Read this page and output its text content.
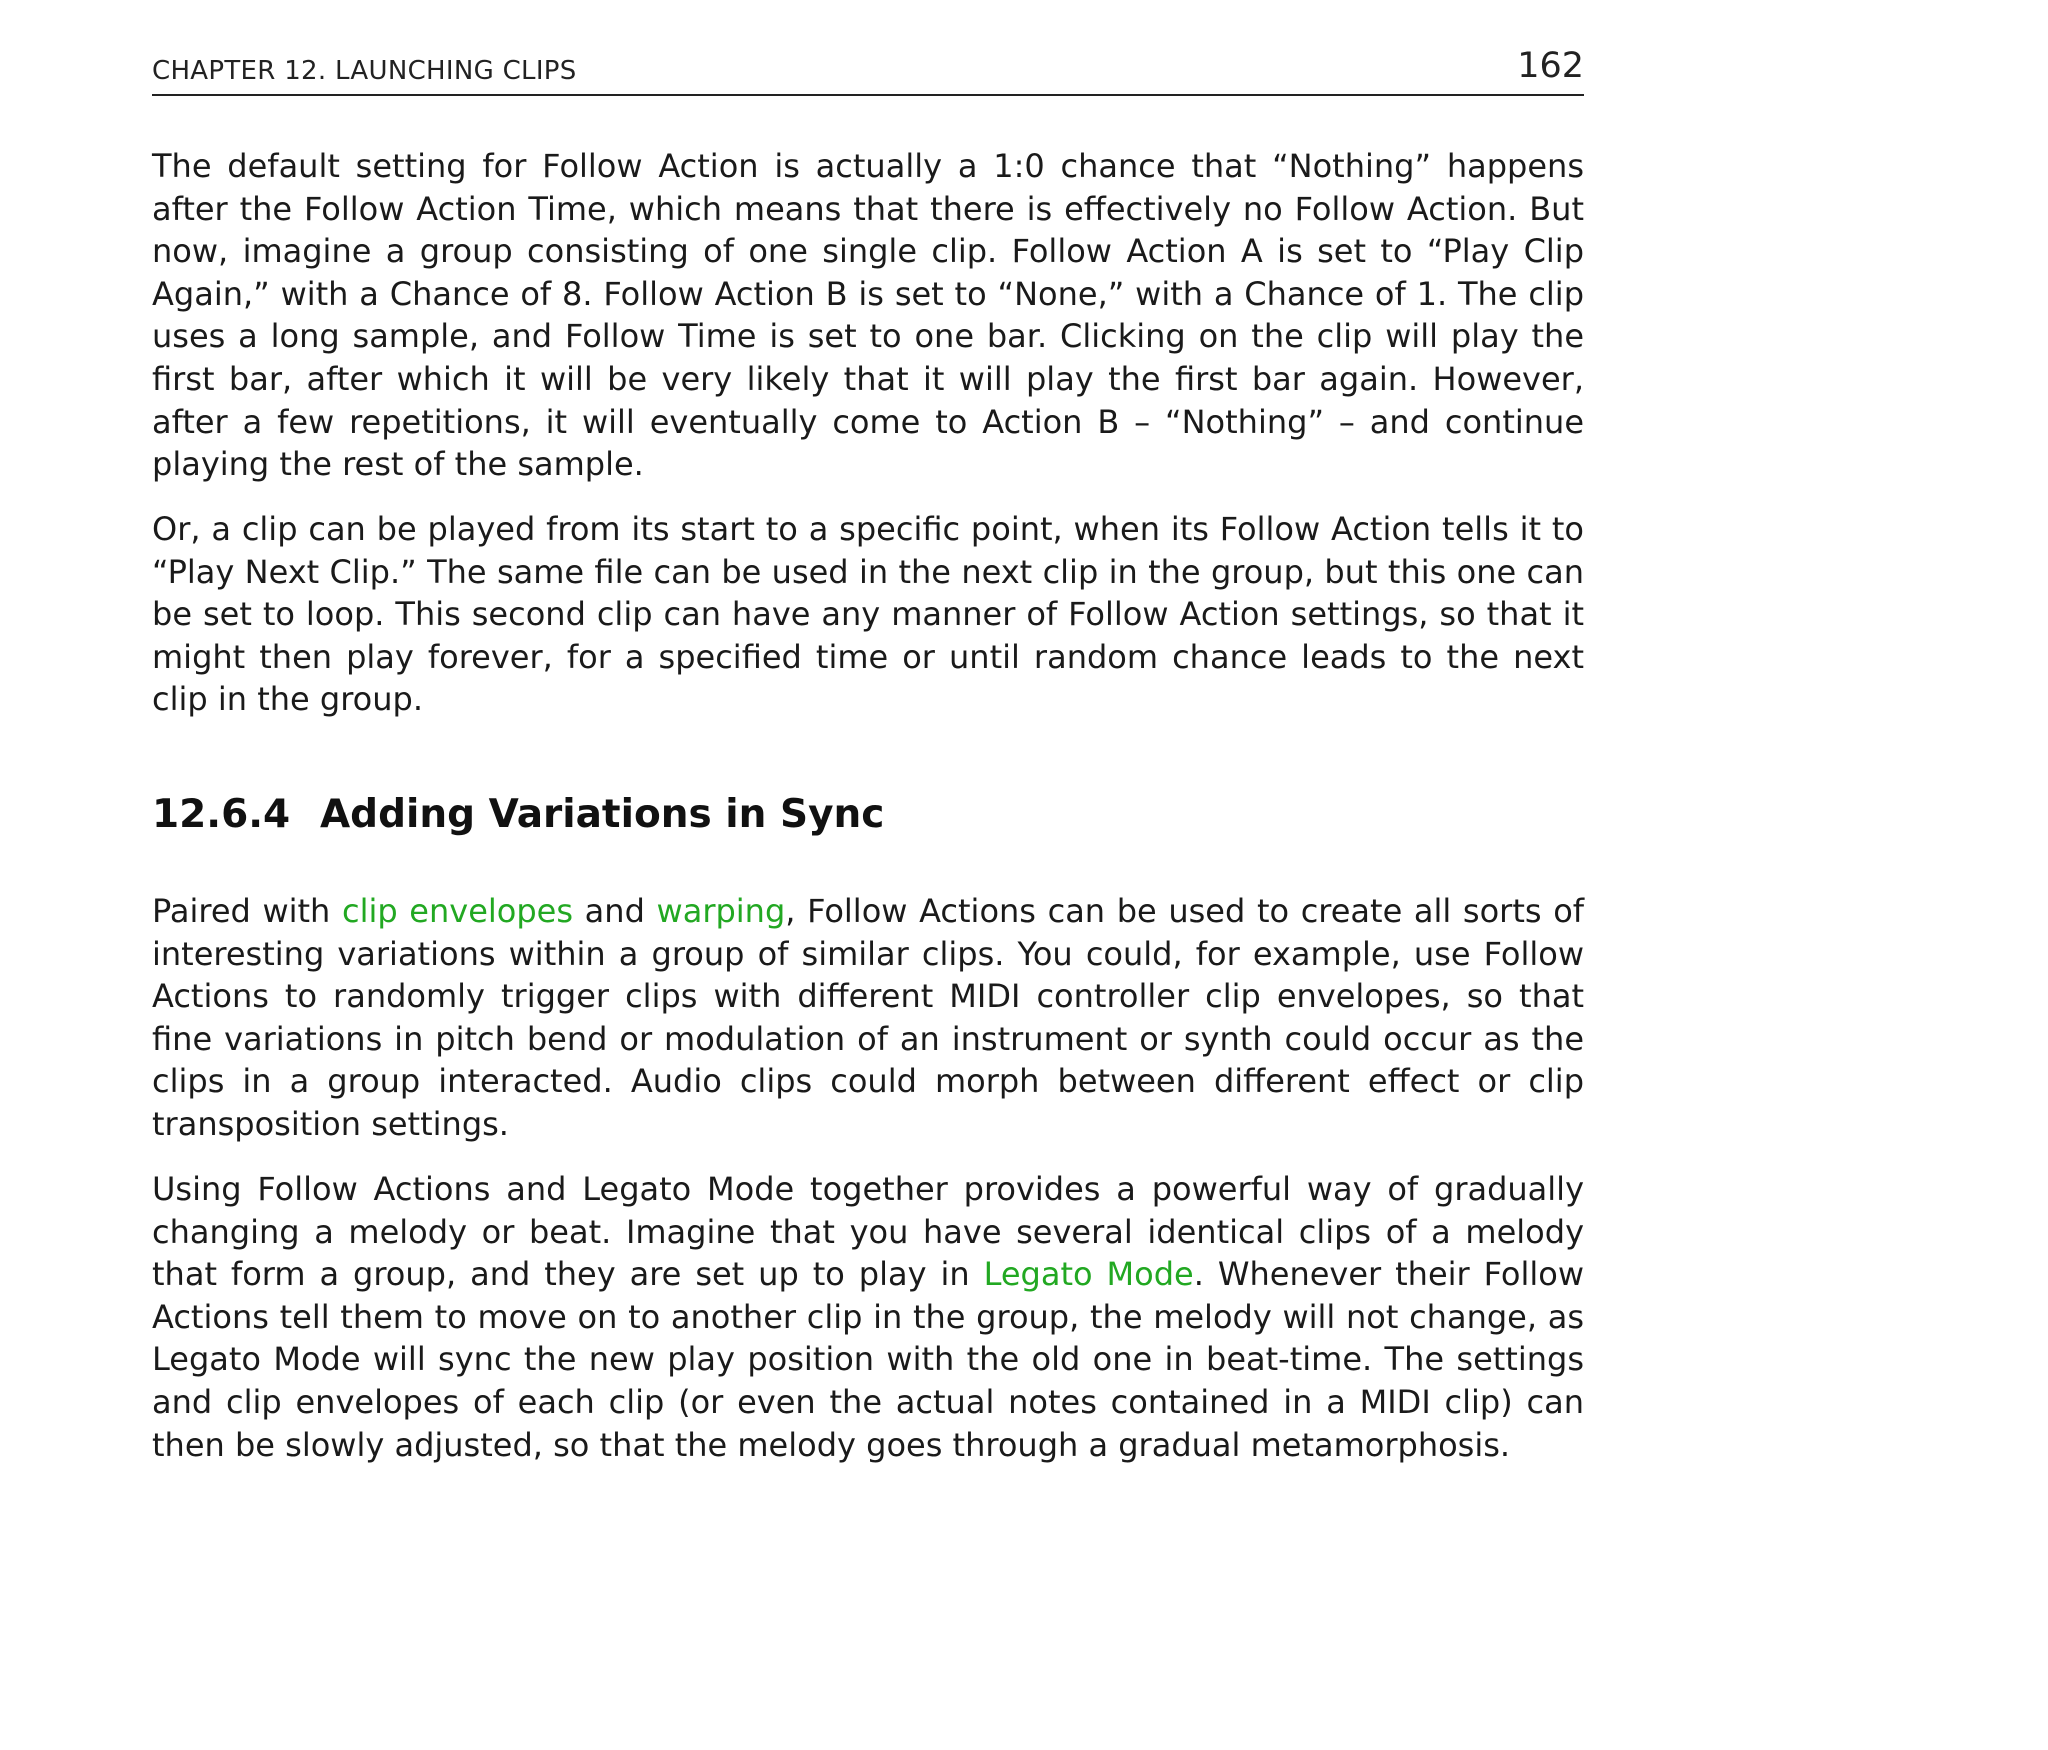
CHAPTER 12. LAUNCHING CLIPS	162

The default setting for Follow Action is actually a 1:0 chance that “Nothing” happens after the Follow Action Time, which means that there is effectively no Follow Action. But now, imagine a group consisting of one single clip. Follow Action A is set to “Play Clip Again,” with a Chance of 8. Follow Action B is set to “None,” with a Chance of 1. The clip uses a long sample, and Follow Time is set to one bar. Clicking on the clip will play the first bar, after which it will be very likely that it will play the first bar again. However, after a few repetitions, it will eventually come to Action B – “Nothing” – and continue playing the rest of the sample.

Or, a clip can be played from its start to a specific point, when its Follow Action tells it to “Play Next Clip.” The same file can be used in the next clip in the group, but this one can be set to loop. This second clip can have any manner of Follow Action settings, so that it might then play forever, for a specified time or until random chance leads to the next clip in the group.

12.6.4 Adding Variations in Sync

Paired with clip envelopes and warping, Follow Actions can be used to create all sorts of interesting variations within a group of similar clips. You could, for example, use Follow Actions to randomly trigger clips with different MIDI controller clip envelopes, so that fine variations in pitch bend or modulation of an instrument or synth could occur as the clips in a group interacted. Audio clips could morph between different effect or clip transposition settings.

Using Follow Actions and Legato Mode together provides a powerful way of gradually changing a melody or beat. Imagine that you have several identical clips of a melody that form a group, and they are set up to play in Legato Mode. Whenever their Follow Actions tell them to move on to another clip in the group, the melody will not change, as Legato Mode will sync the new play position with the old one in beat-time. The settings and clip envelopes of each clip (or even the actual notes contained in a MIDI clip) can then be slowly adjusted, so that the melody goes through a gradual metamorphosis.
